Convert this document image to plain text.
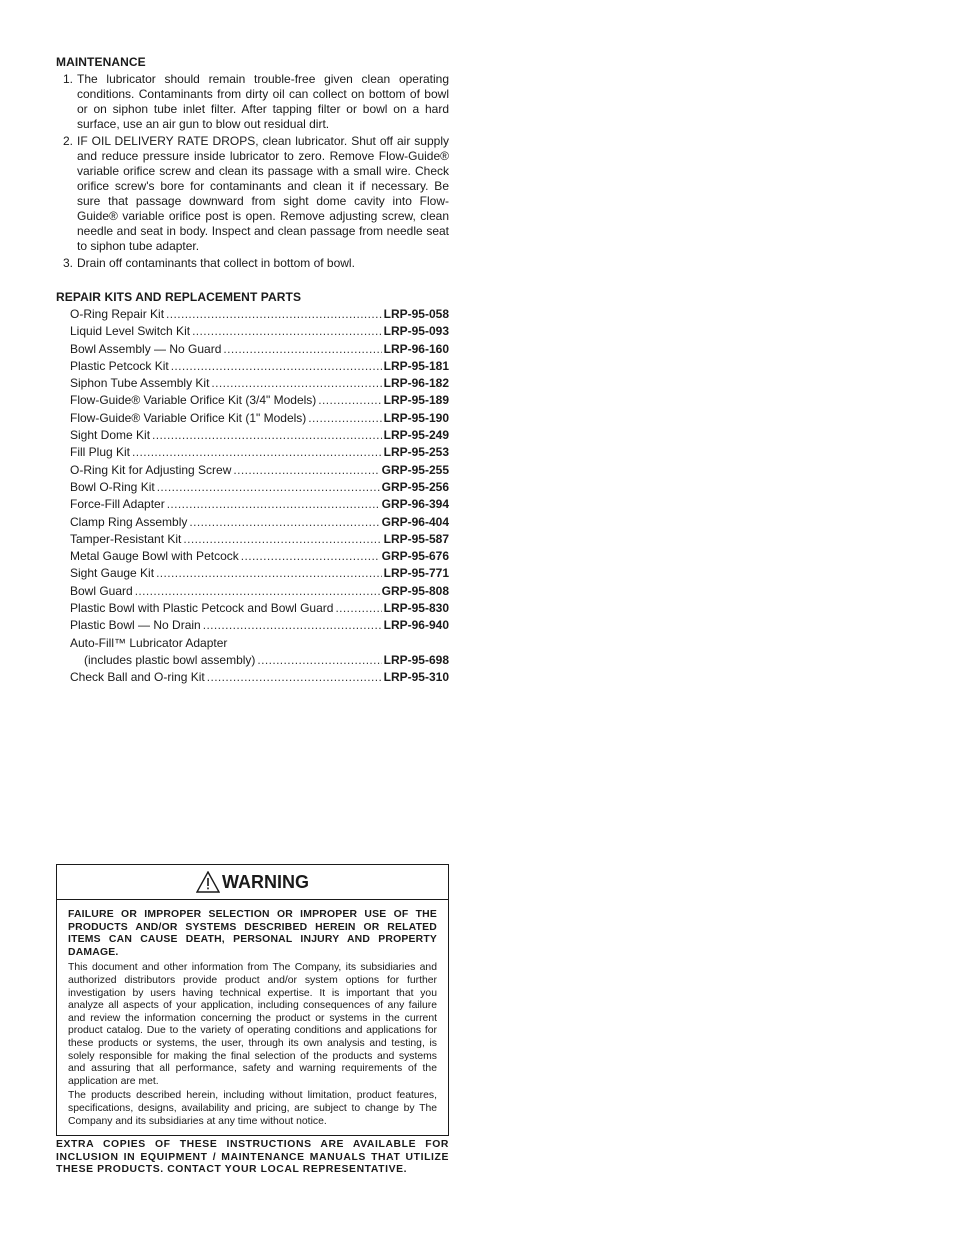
MAINTENANCE
1. The lubricator should remain trouble-free given clean operating conditions. Contaminants from dirty oil can collect on bottom of bowl or on siphon tube inlet filter. After tapping filter or bowl on a hard surface, use an air gun to blow out residual dirt.
2. IF OIL DELIVERY RATE DROPS, clean lubricator. Shut off air supply and reduce pressure inside lubricator to zero. Remove Flow-Guide® variable orifice screw and clean its passage with a small wire. Check orifice screw's bore for contaminants and clean it if necessary. Be sure that passage downward from sight dome cavity into Flow-Guide® variable orifice post is open. Remove adjusting screw, clean needle and seat in body. Inspect and clean passage from needle seat to siphon tube adapter.
3. Drain off contaminants that collect in bottom of bowl.
REPAIR KITS AND REPLACEMENT PARTS
O-Ring Repair Kit .....	LRP-95-058
Liquid Level Switch Kit .....	LRP-95-093
Bowl Assembly — No Guard .....	LRP-96-160
Plastic Petcock Kit .....	LRP-95-181
Siphon Tube Assembly Kit .....	LRP-96-182
Flow-Guide® Variable Orifice Kit (3/4" Models) .....	LRP-95-189
Flow-Guide® Variable Orifice Kit (1" Models) .....	LRP-95-190
Sight Dome Kit .....	LRP-95-249
Fill Plug Kit .....	LRP-95-253
O-Ring Kit for Adjusting Screw .....	GRP-95-255
Bowl O-Ring Kit .....	GRP-95-256
Force-Fill Adapter .....	GRP-96-394
Clamp Ring Assembly .....	GRP-96-404
Tamper-Resistant Kit .....	LRP-95-587
Metal Gauge Bowl with Petcock .....	GRP-95-676
Sight Gauge Kit .....	LRP-95-771
Bowl Guard .....	GRP-95-808
Plastic Bowl with Plastic Petcock and Bowl Guard .....	LRP-95-830
Plastic Bowl — No Drain .....	LRP-96-940
Auto-Fill™ Lubricator Adapter
(includes plastic bowl assembly) .....	LRP-95-698
Check Ball and O-ring Kit .....	LRP-95-310
WARNING
FAILURE OR IMPROPER SELECTION OR IMPROPER USE OF THE PRODUCTS AND/OR SYSTEMS DESCRIBED HEREIN OR RELATED ITEMS CAN CAUSE DEATH, PERSONAL INJURY AND PROPERTY DAMAGE.
This document and other information from The Company, its subsidiaries and authorized distributors provide product and/or system options for further investigation by users having technical expertise. It is important that you analyze all aspects of your application, including consequences of any failure and review the information concerning the product or systems in the current product catalog. Due to the variety of operating conditions and applications for these products or systems, the user, through its own analysis and testing, is solely responsible for making the final selection of the products and systems and assuring that all performance, safety and warning requirements of the application are met.
The products described herein, including without limitation, product features, specifications, designs, availability and pricing, are subject to change by The Company and its subsidiaries at any time without notice.
EXTRA COPIES OF THESE INSTRUCTIONS ARE AVAILABLE FOR INCLUSION IN EQUIPMENT / MAINTENANCE MANUALS THAT UTILIZE THESE PRODUCTS. CONTACT YOUR LOCAL REPRESENTATIVE.
